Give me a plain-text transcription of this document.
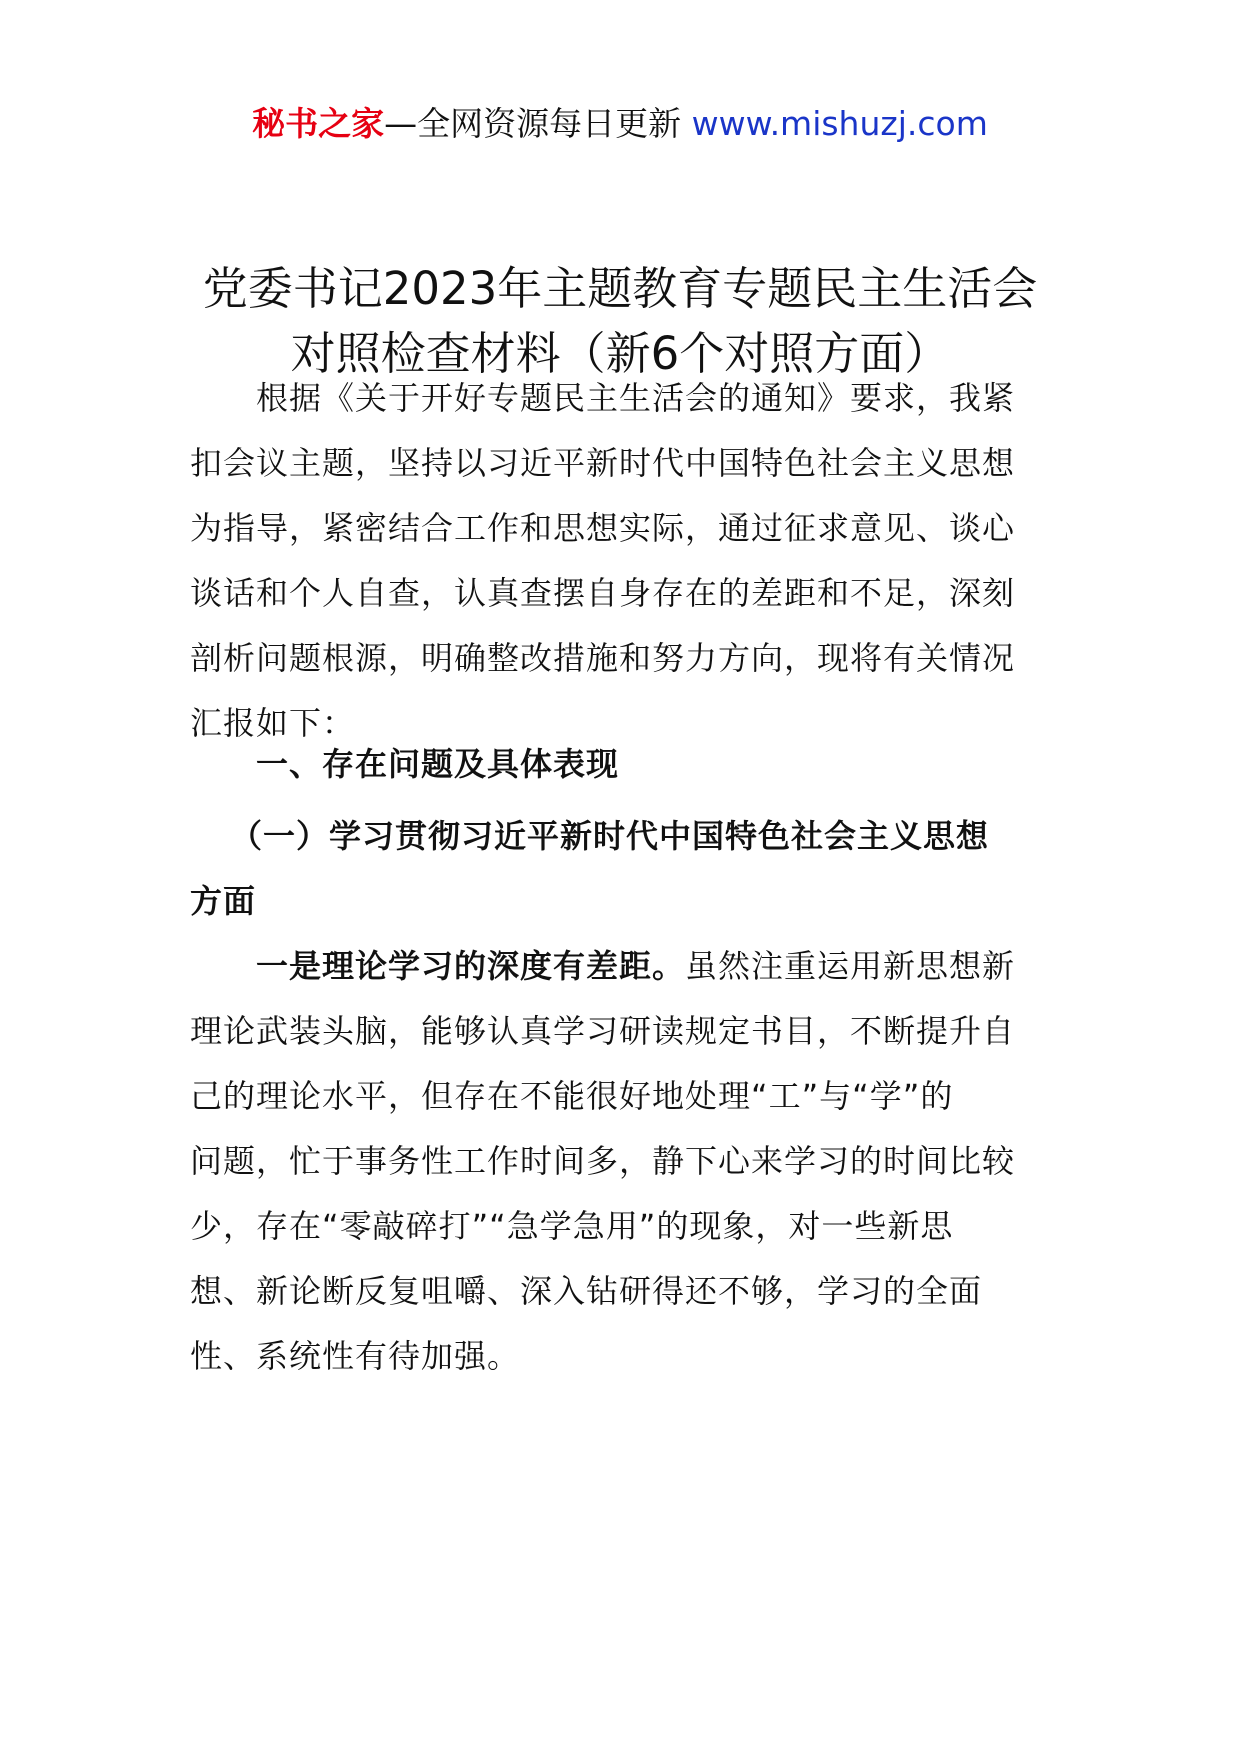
秘书之家—全网资源每日更新 www.mishuzj.com
党委书记2023年主题教育专题民主生活会
对照检查材料（新6个对照方面）
根据《关于开好专题民主生活会的通知》要求，我紧
扣会议主题，坚持以习近平新时代中国特色社会主义思想
为指导，紧密结合工作和思想实际，通过征求意见、谈心
谈话和个人自查，认真查摆自身存在的差距和不足，深刻
剖析问题根源，明确整改措施和努力方向，现将有关情况
汇报如下：
一、存在问题及具体表现
（一）学习贯彻习近平新时代中国特色社会主义思想
方面
一是理论学习的深度有差距。虽然注重运用新思想新
理论武装头脑，能够认真学习研读规定书目，不断提升自
己的理论水平，但存在不能很好地处理“工”与“学”的
问题，忙于事务性工作时间多，静下心来学习的时间比较
少，存在“零敲碎打”“急学急用”的现象，对一些新思
想、新论断反复咀嚼、深入钻研得还不够，学习的全面
性、系统性有待加强。
